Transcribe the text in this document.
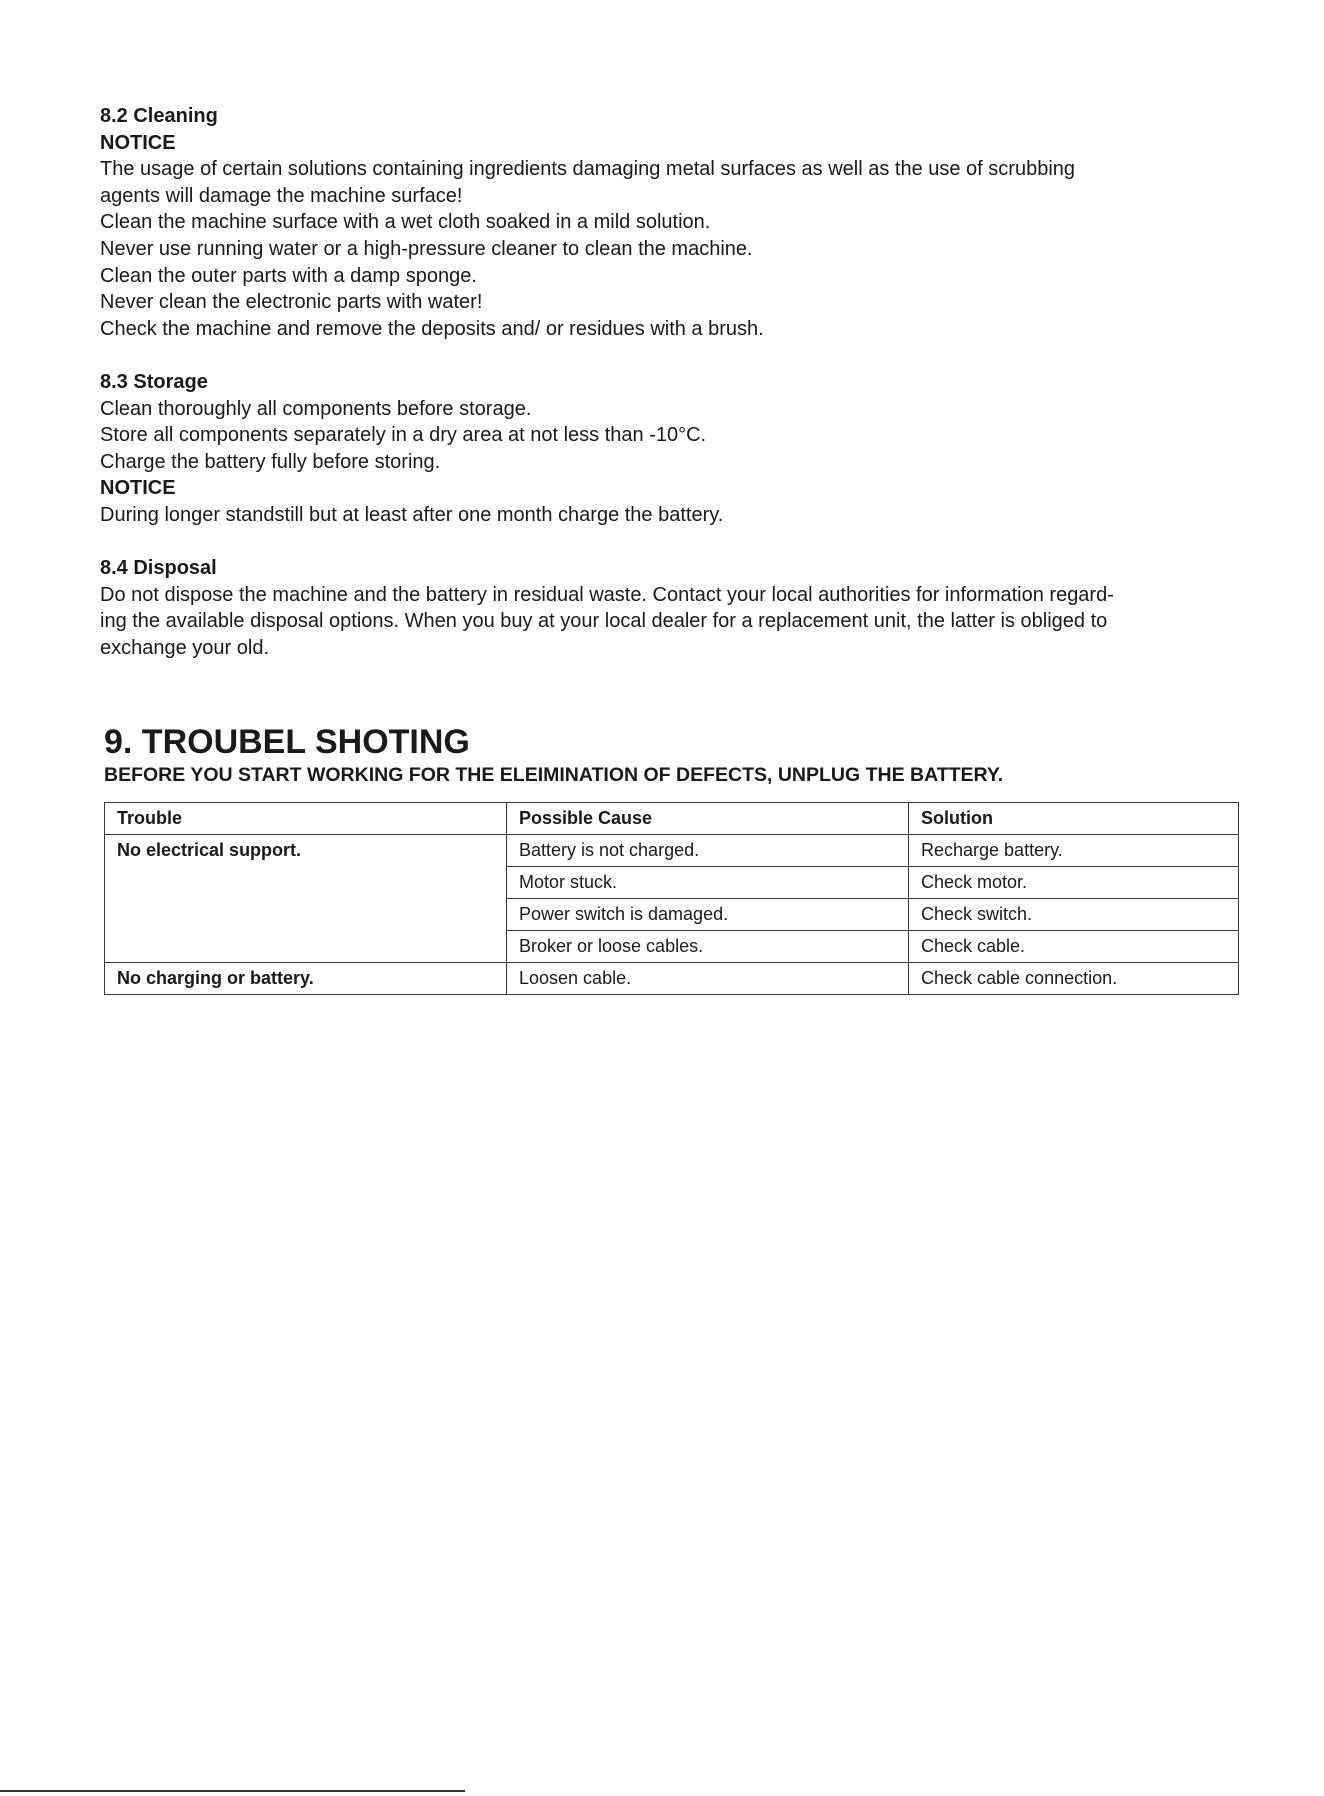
8.2 Cleaning

NOTICE

The usage of certain solutions containing ingredients damaging metal surfaces as well as the use of scrubbing

agents will damage the machine surface!

Clean the machine surface with a wet cloth soaked in a mild solution.

Never use running water or a high-pressure cleaner to clean the machine.

Clean the outer parts with a damp sponge.

Never clean the electronic parts with water!

Check the machine and remove the deposits and/ or residues with a brush.

8.3 Storage

Clean thoroughly all components before storage.

Store all components separately in a dry area at not less than -10°C.

Charge the battery fully before storing.

NOTICE

During longer standstill but at least after one month charge the battery.

8.4 Disposal

Do not dispose the machine and the battery in residual waste. Contact your local authorities for information regard-

ing the available disposal options. When you buy at your local dealer for a replacement unit, the latter is obliged to

exchange your old.

9. TROUBEL SHOTING

BEFORE YOU START WORKING FOR THE ELEIMINATION OF DEFECTS, UNPLUG THE BATTERY.

Trouble	Possible Cause	Solution
No electrical support.	Battery is not charged.	Recharge battery.
	Motor stuck.	Check motor.
	Power switch is damaged.	Check switch.
	Broker or loose cables.	Check cable.
No charging or battery.	Loosen cable.	Check cable connection.
